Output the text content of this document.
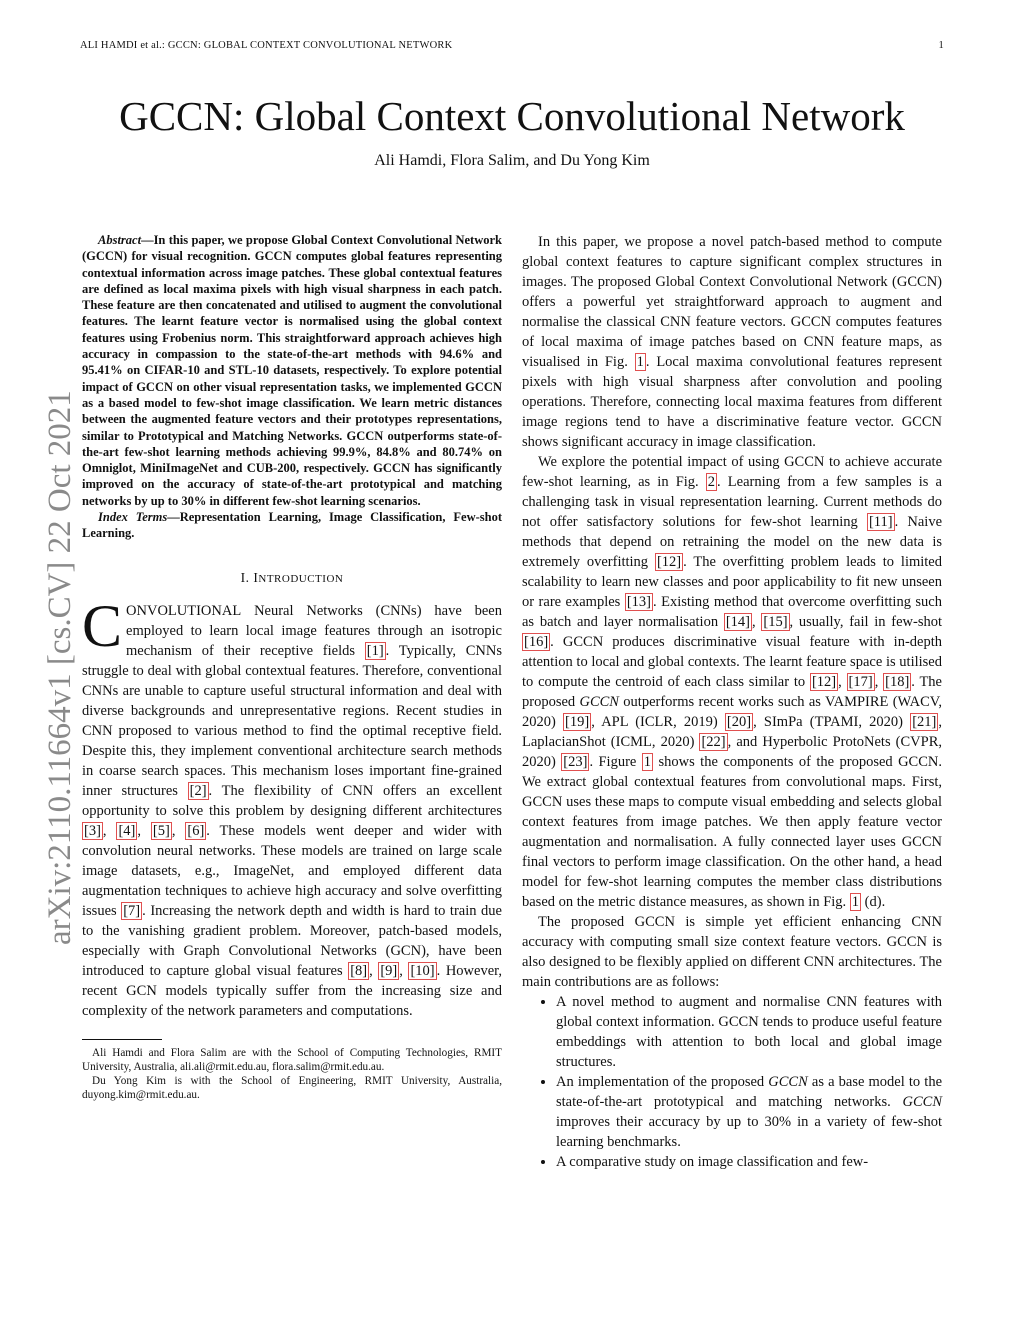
ALI HAMDI et al.: GCCN: GLOBAL CONTEXT CONVOLUTIONAL NETWORK	1
arXiv:2110.11664v1 [cs.CV] 22 Oct 2021
GCCN: Global Context Convolutional Network
Ali Hamdi, Flora Salim, and Du Yong Kim

Abstract—In this paper, we propose Global Context Convolutional Network (GCCN) for visual recognition. GCCN computes global features representing contextual information across image patches. These global contextual features are defined as local maxima pixels with high visual sharpness in each patch. These feature are then concatenated and utilised to augment the convolutional features. The learnt feature vector is normalised using the global context features using Frobenius norm. This straightforward approach achieves high accuracy in compassion to the state-of-the-art methods with 94.6% and 95.41% on CIFAR-10 and STL-10 datasets, respectively. To explore potential impact of GCCN on other visual representation tasks, we implemented GCCN as a based model to few-shot image classification. We learn metric distances between the augmented feature vectors and their prototypes representations, similar to Prototypical and Matching Networks. GCCN outperforms state-of-the-art few-shot learning methods achieving 99.9%, 84.8% and 80.74% on Omniglot, MiniImageNet and CUB-200, respectively. GCCN has significantly improved on the accuracy of state-of-the-art prototypical and matching networks by up to 30% in different few-shot learning scenarios.

Index Terms—Representation Learning, Image Classification, Few-shot Learning.

I. INTRODUCTION

CONVOLUTIONAL Neural Networks (CNNs) have been employed to learn local image features through an isotropic mechanism of their receptive fields [1] . Typically, CNNs struggle to deal with global contextual features. Therefore, conventional CNNs are unable to capture useful structural information and deal with diverse backgrounds and unrepresentative regions. Recent studies in CNN proposed to various method to find the optimal receptive field. Despite this, they implement conventional architecture search methods in coarse search spaces. This mechanism loses important fine-grained inner structures [2] . The flexibility of CNN offers an excellent opportunity to solve this problem by designing different architectures [3] , [4] , [5] , [6] . These models went deeper and wider with convolution neural networks. These models are trained on large scale image datasets, e.g., ImageNet, and employed different data augmentation techniques to achieve high accuracy and solve overfitting issues [7] . Increasing the network depth and width is hard to train due to the vanishing gradient problem. Moreover, patch-based models, especially with Graph Convolutional Networks (GCN), have been introduced to capture global visual features [8] , [9] , [10] . However, recent GCN models typically suffer from the increasing size and complexity of the network parameters and computations.

Ali Hamdi and Flora Salim are with the School of Computing Technologies, RMIT University, Australia, ali.ali@rmit.edu.au, flora.salim@rmit.edu.au.

Du Yong Kim is with the School of Engineering, RMIT University, Australia, duyong.kim@rmit.edu.au.

In this paper, we propose a novel patch-based method to compute global context features to capture significant complex structures in images. The proposed Global Context Convolutional Network (GCCN) offers a powerful yet straightforward approach to augment and normalise the classical CNN feature vectors. GCCN computes features of local maxima of image patches based on CNN feature maps, as visualised in Fig. 1 . Local maxima convolutional features represent pixels with high visual sharpness after convolution and pooling operations. Therefore, connecting local maxima features from different image regions tend to have a discriminative feature vector. GCCN shows significant accuracy in image classification.

We explore the potential impact of using GCCN to achieve accurate few-shot learning, as in Fig. 2 . Learning from a few samples is a challenging task in visual representation learning. Current methods do not offer satisfactory solutions for few-shot learning [11] . Naive methods that depend on retraining the model on the new data is extremely overfitting [12] . The overfitting problem leads to limited scalability to learn new classes and poor applicability to fit new unseen or rare examples [13] . Existing method that overcome overfitting such as batch and layer normalisation [14] , [15] , usually, fail in few-shot [16] . GCCN produces discriminative visual feature with in-depth attention to local and global contexts. The learnt feature space is utilised to compute the centroid of each class similar to [12] , [17] , [18] . The proposed GCCN outperforms recent works such as VAMPIRE (WACV, 2020) [19] , APL (ICLR, 2019) [20] , SImPa (TPAMI, 2020) [21] , LaplacianShot (ICML, 2020) [22] , and Hyperbolic ProtoNets (CVPR, 2020) [23] . Figure 1 shows the components of the proposed GCCN. We extract global contextual features from convolutional maps. First, GCCN uses these maps to compute visual embedding and selects global context features from image patches. We then apply feature vector augmentation and normalisation. A fully connected layer uses GCCN final vectors to perform image classification. On the other hand, a head model for few-shot learning computes the member class distributions based on the metric distance measures, as shown in Fig. 1 (d).

The proposed GCCN is simple yet efficient enhancing CNN accuracy with computing small size context feature vectors. GCCN is also designed to be flexibly applied on different CNN architectures. The main contributions are as follows:

• A novel method to augment and normalise CNN features with global context information. GCCN tends to produce useful feature embeddings with attention to both local and global image structures.
• An implementation of the proposed GCCN as a base model to the state-of-the-art prototypical and matching networks. GCCN improves their accuracy by up to 30% in a variety of few-shot learning benchmarks.
• A comparative study on image classification and few-
